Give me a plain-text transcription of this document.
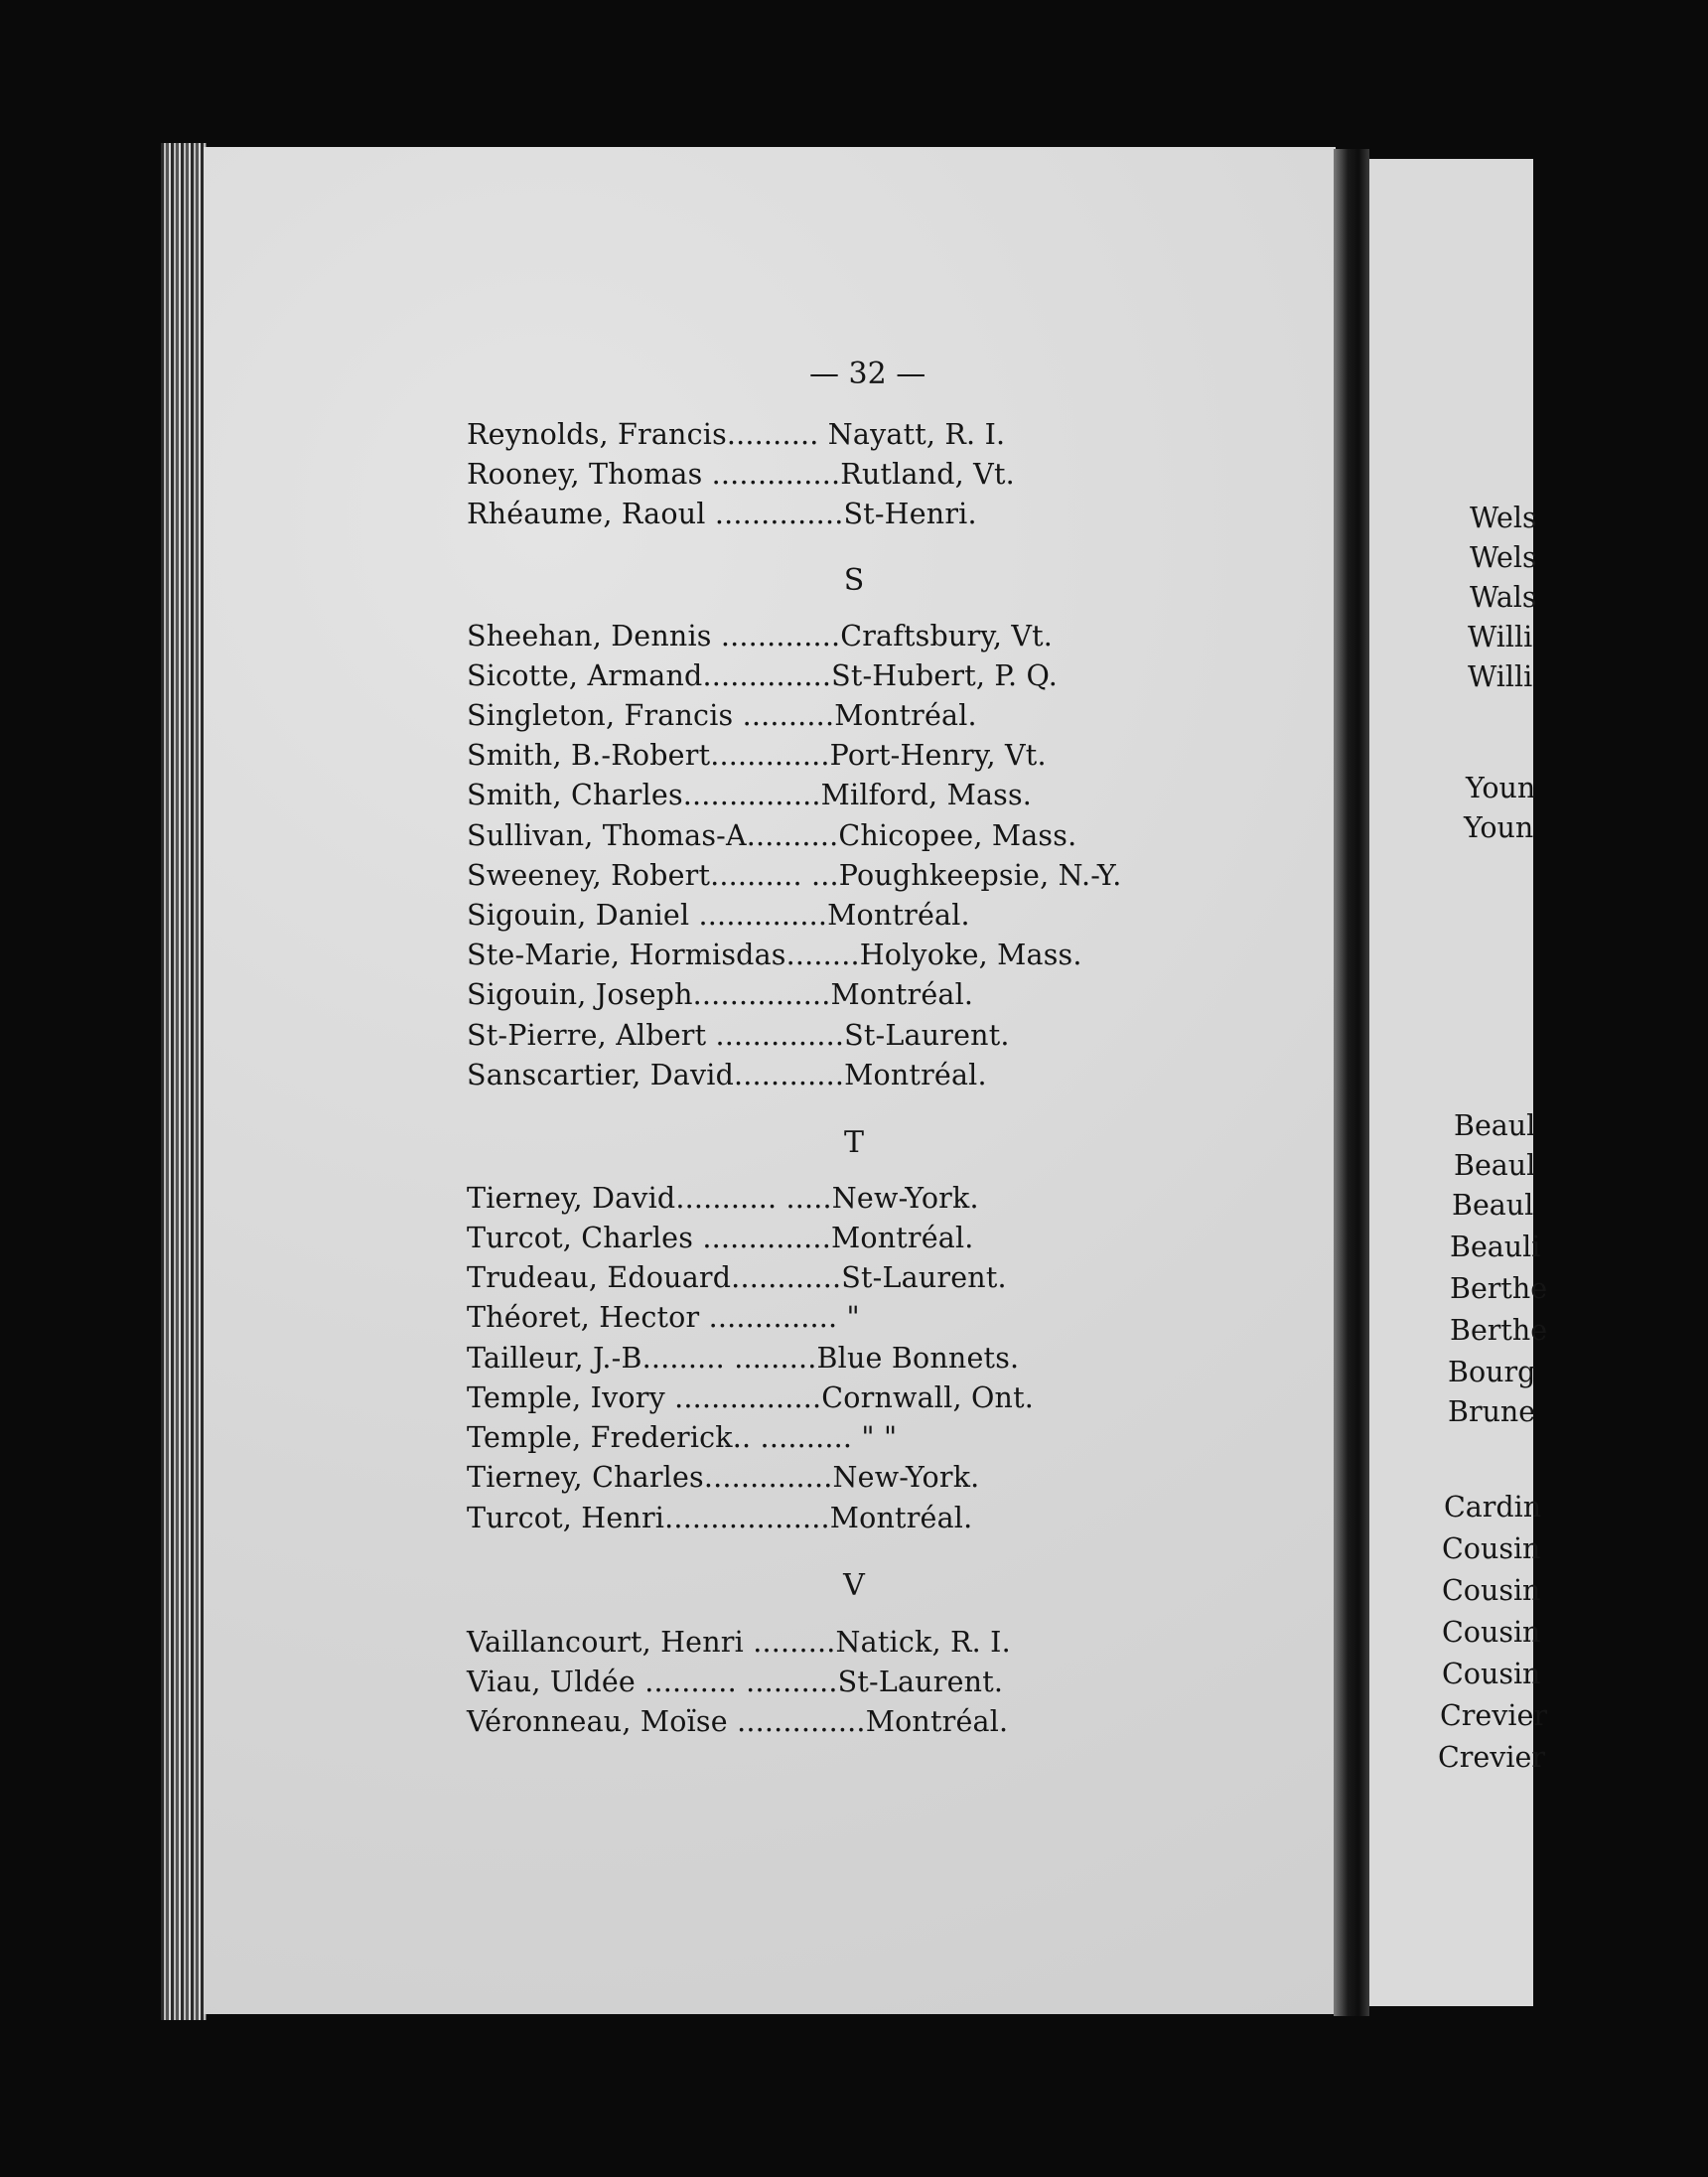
— 32 —
Reynolds, Francis.......... Nayatt, R. I.
Rooney, Thomas ..............Rutland, Vt.
Rhéaume, Raoul ..............St-Henri.
S
Sheehan, Dennis .............Craftsbury, Vt.
Sicotte, Armand..............St-Hubert, P. Q.
Singleton, Francis ..........Montréal.
Smith, B.-Robert.............Port-Henry, Vt.
Smith, Charles...............Milford, Mass.
Sullivan, Thomas-A..........Chicopee, Mass.
Sweeney, Robert.......... ...Poughkeepsie, N.-Y.
Sigouin, Daniel ..............Montréal.
Ste-Marie, Hormisdas........Holyoke, Mass.
Sigouin, Joseph...............Montréal.
St-Pierre, Albert ..............St-Laurent.
Sanscartier, David............Montréal.
T
Tierney, David........... .....New-York.
Turcot, Charles ..............Montréal.
Trudeau, Edouard............St-Laurent.
Théoret, Hector .............. "
Tailleur, J.-B......... .........Blue Bonnets.
Temple, Ivory ................Cornwall, Ont.
Temple, Frederick.. .......... " "
Tierney, Charles..............New-York.
Turcot, Henri..................Montréal.
V
Vaillancourt, Henri .........Natick, R. I.
Viau, Uldée .......... ..........St-Laurent.
Véronneau, Moïse ..............Montréal.
Wels
Wels
Wals
Willi
Willi
Youn
Youn
Beaul
Beaul
Beaul
Beauli
Berthe
Berthe
Bourg
Brune
Cardin
Cousin
Cousin
Cousin
Cousin
Crevier
Crevier
